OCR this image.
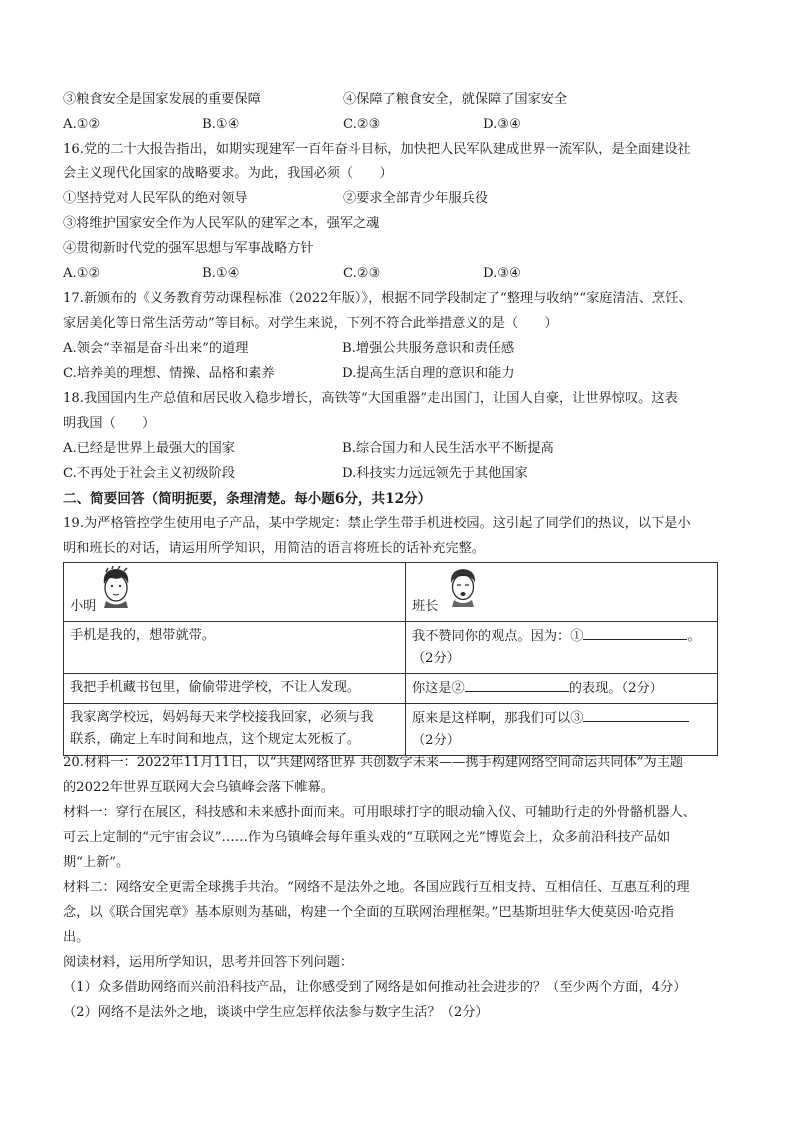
③粮食安全是国家发展的重要保障	④保障了粮食安全，就保障了国家安全
A.①②	B.①④	C.②③	D.③④
16.党的二十大报告指出，如期实现建军一百年奋斗目标，加快把人民军队建成世界一流军队，是全面建设社
会主义现代化国家的战略要求。为此，我国必须（　　）
①坚持党对人民军队的绝对领导	②要求全部青少年服兵役
③将维护国家安全作为人民军队的建军之本，强军之魂
④贯彻新时代党的强军思想与军事战略方针
A.①②	B.①④	C.②③	D.③④
17.新颁布的《义务教育劳动课程标准（2022年版）》，根据不同学段制定了“整理与收纳”“家庭清洁、烹饪、
家居美化等日常生活劳动”等目标。对学生来说，下列不符合此举措意义的是（　　）
A.领会“幸福是奋斗出来”的道理	B.增强公共服务意识和责任感
C.培养美的理想、情操、品格和素养	D.提高生活自理的意识和能力
18.我国国内生产总值和居民收入稳步增长，高铁等“大国重器”走出国门，让国人自豪，让世界惊叹。这表
明我国（　　）
A.已经是世界上最强大的国家	B.综合国力和人民生活水平不断提高
C.不再处于社会主义初级阶段	D.科技实力远远领先于其他国家
二、简要回答（简明扼要，条理清楚。每小题6分，共12分）
19.为严格管控学生使用电子产品，某中学规定：禁止学生带手机进校园。这引起了同学们的热议，以下是小
明和班长的对话，请运用所学知识，用简洁的语言将班长的话补充完整。
小明	班长

手机是我的，想带就带。	我不赞同你的观点。因为：① 。
（2分）
我把手机藏书包里，偷偷带进学校，不让人发现。	你这是② 的表现。（2分）
我家离学校远，妈妈每天来学校接我回家，必须与我
联系，确定上车时间和地点，这个规定太死板了。	原来是这样啊，那我们可以③
（2分）
20.材料一：2022年11月11日，以“共建网络世界 共创数字未来——携手构建网络空间命运共同体”为主题
的2022年世界互联网大会乌镇峰会落下帷幕。
材料一：穿行在展区，科技感和未来感扑面而来。可用眼球打字的眼动输入仪、可辅助行走的外骨骼机器人、
可云上定制的“元宇宙会议”……作为乌镇峰会每年重头戏的“互联网之光”博览会上，众多前沿科技产品如
期“上新”。
材料二：网络安全更需全球携手共治。“网络不是法外之地。各国应践行互相支持、互相信任、互惠互利的理
念，以《联合国宪章》基本原则为基础，构建一个全面的互联网治理框架。”巴基斯坦驻华大使莫因·哈克指
出。
阅读材料，运用所学知识，思考并回答下列问题：
（1）众多借助网络而兴前沿科技产品，让你感受到了网络是如何推动社会进步的？（至少两个方面，4分）
（2）网络不是法外之地，谈谈中学生应怎样依法参与数字生活？（2分）
